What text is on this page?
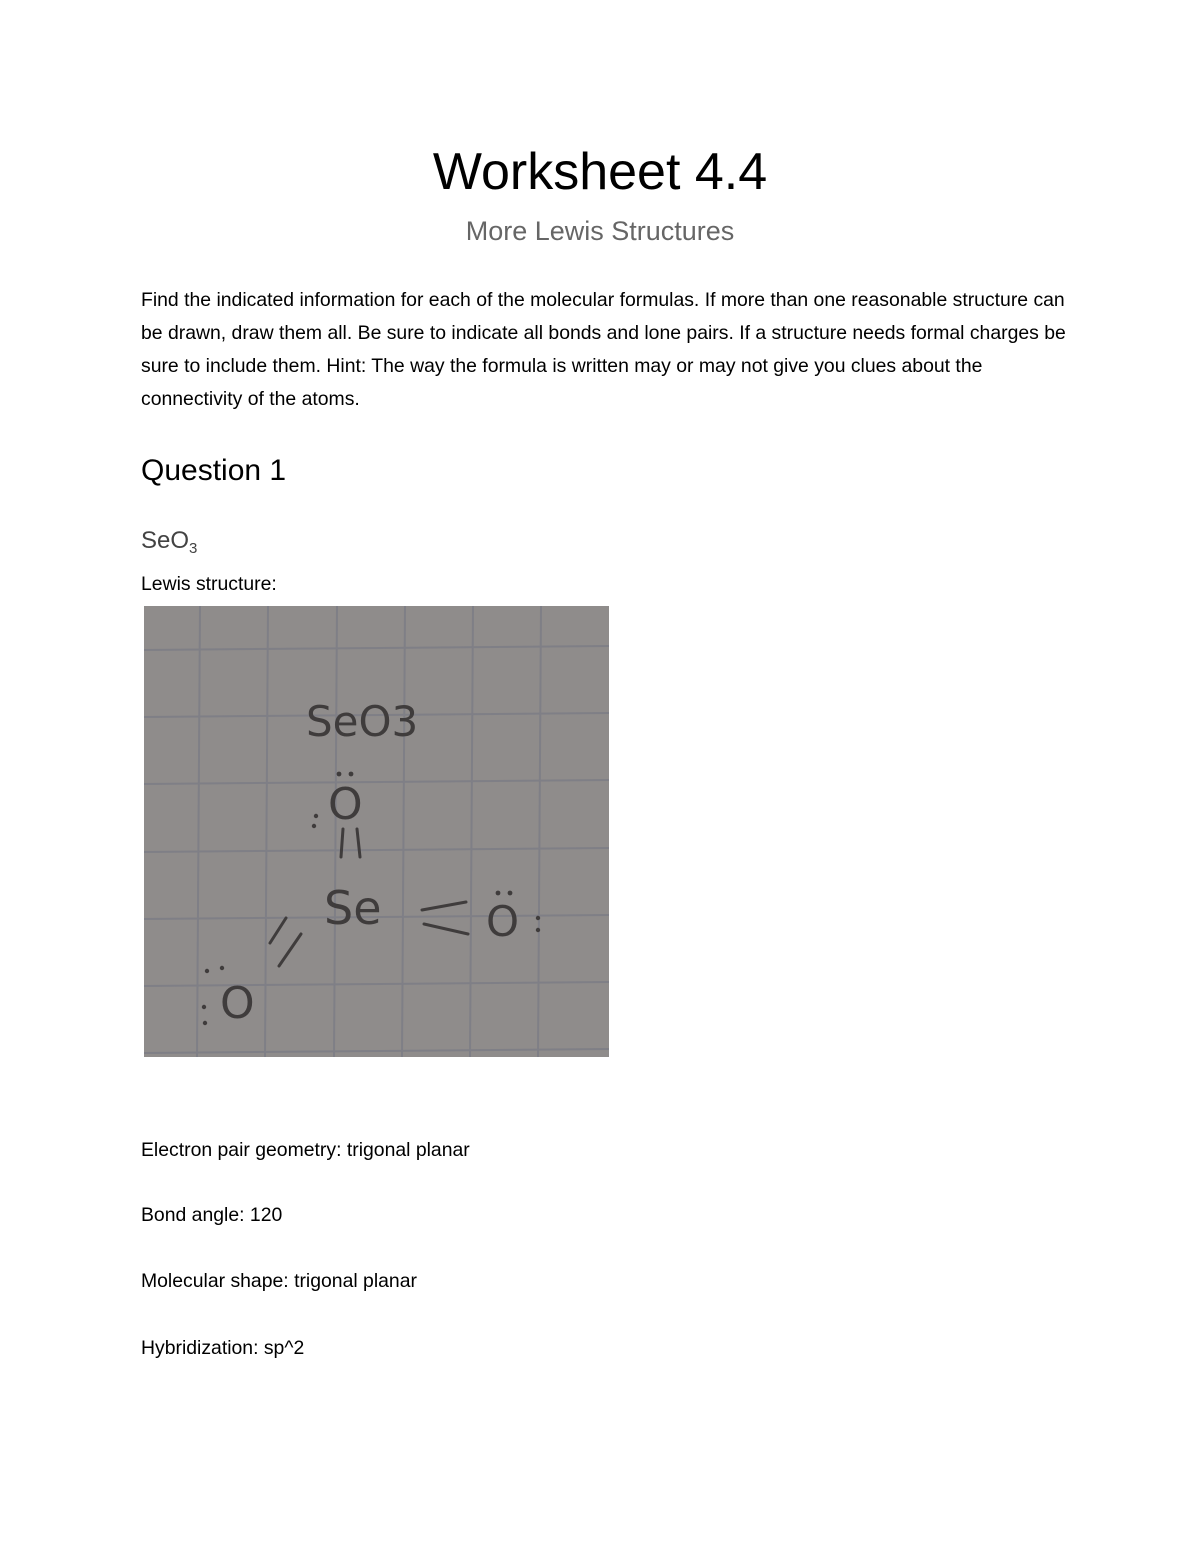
Worksheet 4.4

More Lewis Structures

Find the indicated information for each of the molecular formulas. If more than one reasonable structure can be drawn, draw them all. Be sure to indicate all bonds and lone pairs. If a structure needs formal charges be sure to include them. Hint: The way the formula is written may or may not give you clues about the connectivity of the atoms.

Question 1

SeO$_3$

Lewis structure:

SeO3
O
Se O
O

Electron pair geometry: trigonal planar

Bond angle: 120

Molecular shape: trigonal planar

Hybridization: sp^2
